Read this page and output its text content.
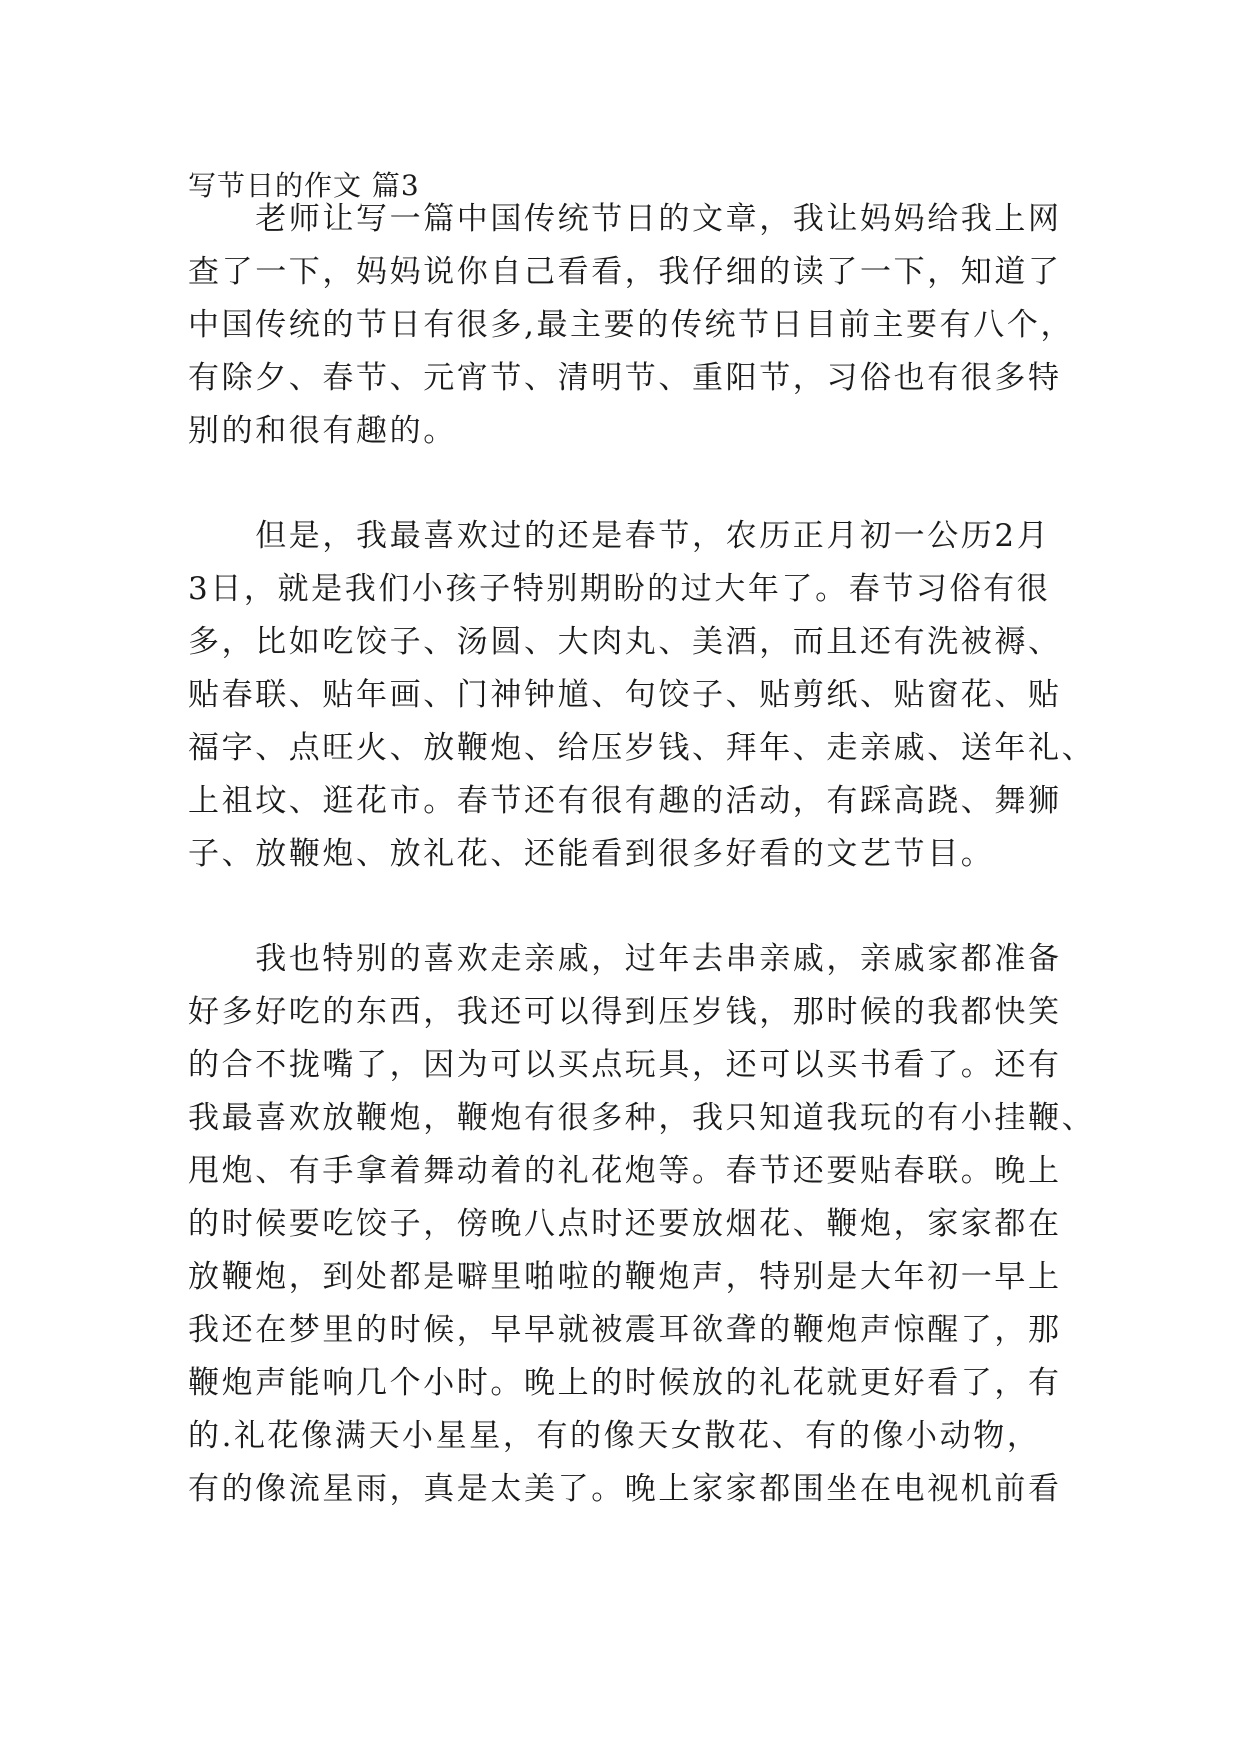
写节日的作文 篇3
　　老师让写一篇中国传统节日的文章，我让妈妈给我上网
查了一下，妈妈说你自己看看，我仔细的读了一下，知道了
中国传统的节日有很多,最主要的传统节日目前主要有八个，
有除夕、春节、元宵节、清明节、重阳节，习俗也有很多特
别的和很有趣的。
　　但是，我最喜欢过的还是春节，农历正月初一公历2月
3日，就是我们小孩子特别期盼的过大年了。春节习俗有很
多，比如吃饺子、汤圆、大肉丸、美酒，而且还有洗被褥、
贴春联、贴年画、门神钟馗、句饺子、贴剪纸、贴窗花、贴
福字、点旺火、放鞭炮、给压岁钱、拜年、走亲戚、送年礼、
上祖坟、逛花市。春节还有很有趣的活动，有踩高跷、舞狮
子、放鞭炮、放礼花、还能看到很多好看的文艺节目。
　　我也特别的喜欢走亲戚，过年去串亲戚，亲戚家都准备
好多好吃的东西，我还可以得到压岁钱，那时候的我都快笑
的合不拢嘴了，因为可以买点玩具，还可以买书看了。还有
我最喜欢放鞭炮，鞭炮有很多种，我只知道我玩的有小挂鞭、
甩炮、有手拿着舞动着的礼花炮等。春节还要贴春联。晚上
的时候要吃饺子，傍晚八点时还要放烟花、鞭炮，家家都在
放鞭炮，到处都是噼里啪啦的鞭炮声，特别是大年初一早上
我还在梦里的时候，早早就被震耳欲聋的鞭炮声惊醒了，那
鞭炮声能响几个小时。晚上的时候放的礼花就更好看了，有
的.礼花像满天小星星，有的像天女散花、有的像小动物，
有的像流星雨，真是太美了。晚上家家都围坐在电视机前看
